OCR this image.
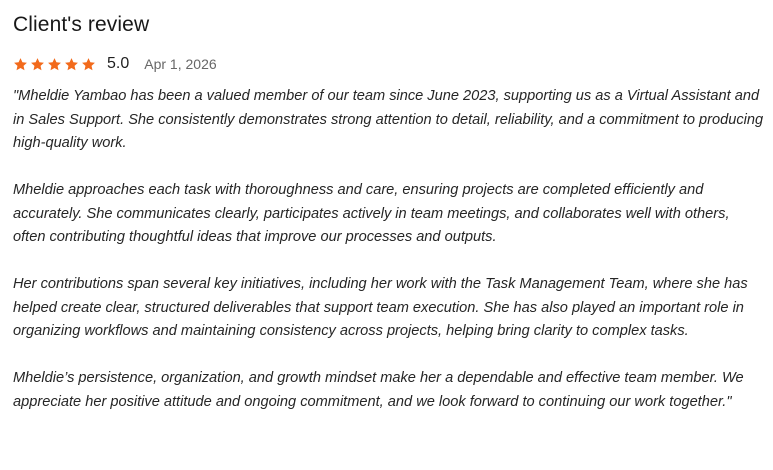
Client's review
5.0 Apr 1, 2026

"Mheldie Yambao has been a valued member of our team since June 2023, supporting us as a Virtual Assistant and in Sales Support. She consistently demonstrates strong attention to detail, reliability, and a commitment to producing high-quality work.

Mheldie approaches each task with thoroughness and care, ensuring projects are completed efficiently and accurately. She communicates clearly, participates actively in team meetings, and collaborates well with others, often contributing thoughtful ideas that improve our processes and outputs.

Her contributions span several key initiatives, including her work with the Task Management Team, where she has helped create clear, structured deliverables that support team execution. She has also played an important role in organizing workflows and maintaining consistency across projects, helping bring clarity to complex tasks.

Mheldie’s persistence, organization, and growth mindset make her a dependable and effective team member. We appreciate her positive attitude and ongoing commitment, and we look forward to continuing our work together."
